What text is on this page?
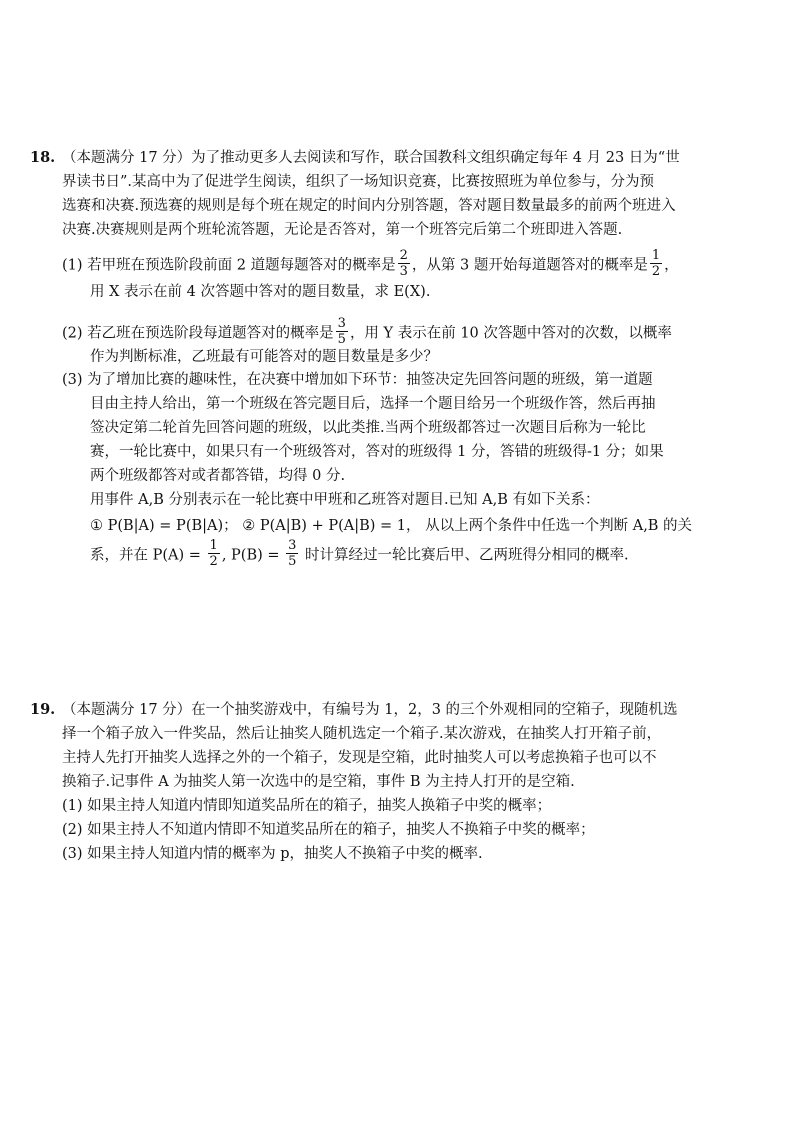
18. （本题满分 17 分）为了推动更多人去阅读和写作，联合国教科文组织确定每年 4 月 23 日为“世
界读书日”.某高中为了促进学生阅读，组织了一场知识竞赛，比赛按照班为单位参与，分为预
选赛和决赛.预选赛的规则是每个班在规定的时间内分别答题，答对题目数量最多的前两个班进入
决赛.决赛规则是两个班轮流答题，无论是否答对，第一个班答完后第二个班即进入答题.
(1) 若甲班在预选阶段前面 2 道题每题答对的概率是 $\frac{2}{3}$ ，从第 3 题开始每道题答对的概率是 $\frac{1}{2}$ ，
用 X 表示在前 4 次答题中答对的题目数量，求 E(X).
(2) 若乙班在预选阶段每道题答对的概率是 $\frac{3}{5}$ ，用 Y 表示在前 10 次答题中答对的次数，以概率
作为判断标准，乙班最有可能答对的题目数量是多少？
(3) 为了增加比赛的趣味性，在决赛中增加如下环节：抽签决定先回答问题的班级，第一道题
目由主持人给出，第一个班级在答完题目后，选择一个题目给另一个班级作答，然后再抽
签决定第二轮首先回答问题的班级，以此类推.当两个班级都答过一次题目后称为一轮比
赛，一轮比赛中，如果只有一个班级答对，答对的班级得 1 分，答错的班级得-1 分；如果
两个班级都答对或者都答错，均得 0 分.
用事件 A,B 分别表示在一轮比赛中甲班和乙班答对题目.已知 A,B 有如下关系：
① P(B|A) = P(B|A)； ② P(A|B) + P(A|B) = 1， 从以上两个条件中任选一个判断 A,B 的关
系，并在 $P(A) = \frac{1}{2}$ , $P(B) = \frac{3}{5}$ 时计算经过一轮比赛后甲、乙两班得分相同的概率.
19. （本题满分 17 分）在一个抽奖游戏中，有编号为 1，2，3 的三个外观相同的空箱子，现随机选
择一个箱子放入一件奖品，然后让抽奖人随机选定一个箱子.某次游戏，在抽奖人打开箱子前，
主持人先打开抽奖人选择之外的一个箱子，发现是空箱，此时抽奖人可以考虑换箱子也可以不
换箱子.记事件 A 为抽奖人第一次选中的是空箱，事件 B 为主持人打开的是空箱.
(1) 如果主持人知道内情即知道奖品所在的箱子，抽奖人换箱子中奖的概率；
(2) 如果主持人不知道内情即不知道奖品所在的箱子，抽奖人不换箱子中奖的概率；
(3) 如果主持人知道内情的概率为 p，抽奖人不换箱子中奖的概率.
